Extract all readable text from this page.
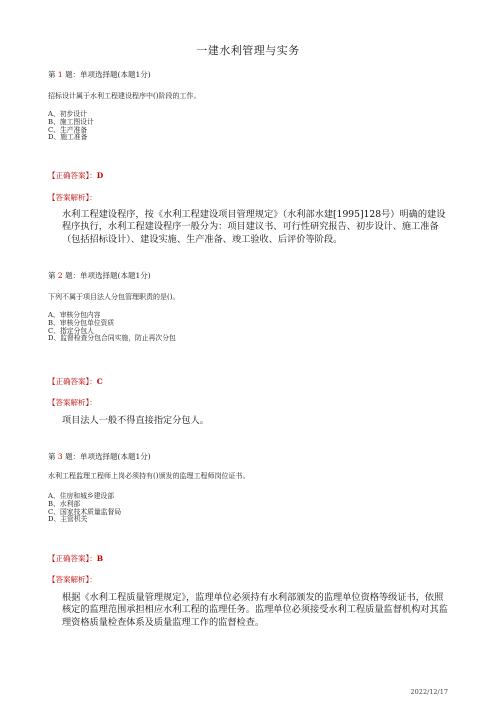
一建水利管理与实务
第 1 题：单项选择题(本题1分)
招标设计属于水利工程建设程序中()阶段的工作。
A、初步设计
B、施工图设计
C、生产准备
D、施工准备
【正确答案】：D
【答案解析】：
水利工程建设程序，按《水利工程建设项目管理规定》（水利部水建[1995]128号）明确的建设程序执行，水利工程建设程序一般分为：项目建议书、可行性研究报告、初步设计、施工准备（包括招标设计）、建设实施、生产准备、竣工验收、后评价等阶段。
第 2 题：单项选择题(本题1分)
下列不属于项目法人分包管理职责的是()。
A、审核分包内容
B、审核分包单位资质
C、指定分包人
D、监督检查分包合同实施，防止再次分包
【正确答案】：C
【答案解析】：
项目法人一般不得直接指定分包人。
第 3 题：单项选择题(本题1分)
水利工程监理工程师上岗必须持有()颁发的监理工程师岗位证书。
A、住房和城乡建设部
B、水利部
C、国家技术质量监督局
D、主管机关
【正确答案】：B
【答案解析】：
根据《水利工程质量管理规定》，监理单位必须持有水利部颁发的监理单位资格等级证书，依照核定的监理范围承担相应水利工程的监理任务。监理单位必须接受水利工程质量监督机构对其监理资格质量检查体系及质量监理工作的监督检查。
2022/12/17
